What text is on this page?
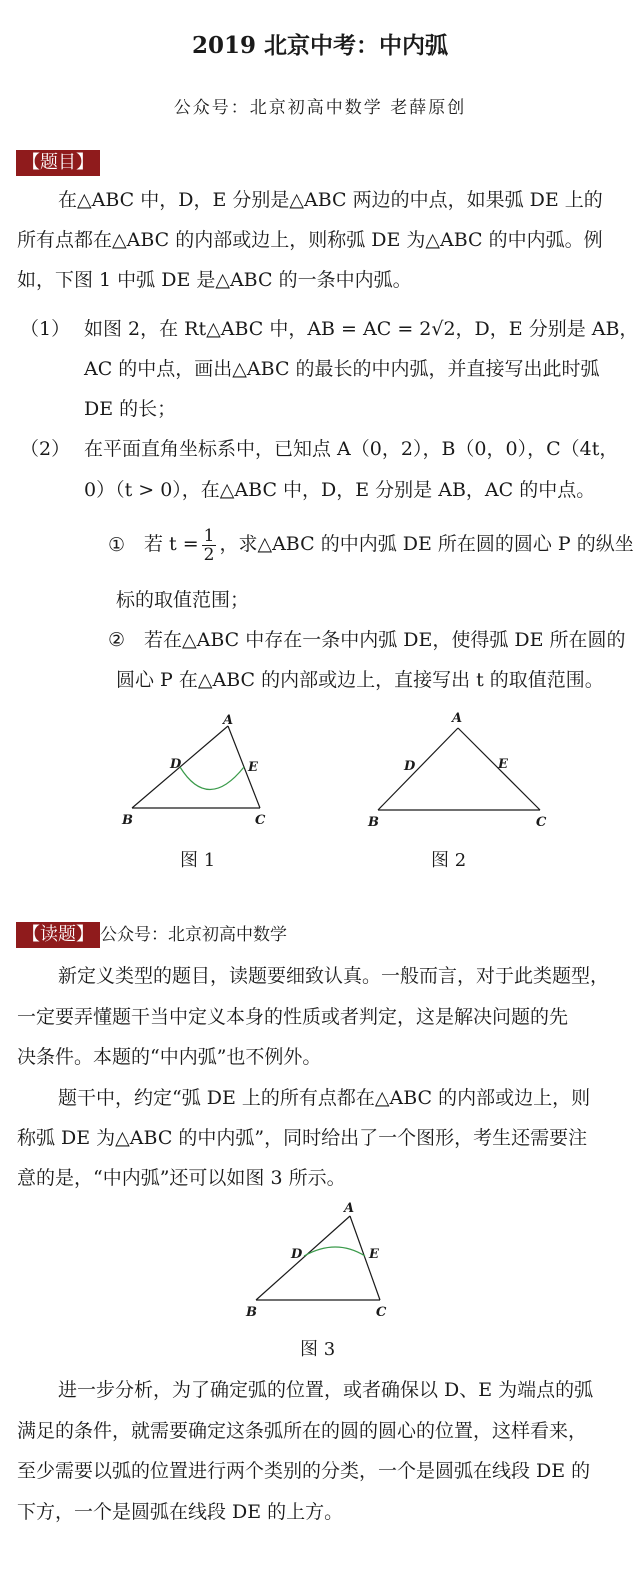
2019 北京中考：中内弧
公众号：北京初高中数学 老薛原创
【题目】
在△ABC 中，D，E 分别是△ABC 两边的中点，如果弧 DE 上的
所有点都在△ABC 的内部或边上，则称弧 DE 为△ABC 的中内弧。例
如，下图 1 中弧 DE 是△ABC 的一条中内弧。
（1） 如图 2，在 Rt△ABC 中，AB = AC = 2√2，D，E 分别是 AB，
AC 的中点，画出△ABC 的最长的中内弧，并直接写出此时弧
DE 的长；
（2） 在平面直角坐标系中，已知点 A（0，2），B（0，0），C（4t，
0）（t > 0），在△ABC 中，D，E 分别是 AB，AC 的中点。
① 若 $t = \frac{1}{2}$ ，求△ABC 的中内弧 DE 所在圆的圆心 P 的纵坐
标的取值范围；
② 若在△ABC 中存在一条中内弧 DE，使得弧 DE 所在圆的
圆心 P 在△ABC 的内部或边上，直接写出 t 的取值范围。
A
B	C
D	E
图 1
A
B	C
D	E
图 2
【读题】 公众号：北京初高中数学
新定义类型的题目，读题要细致认真。一般而言，对于此类题型，
一定要弄懂题干当中定义本身的性质或者判定，这是解决问题的先
决条件。本题的“中内弧”也不例外。
题干中，约定“弧 DE 上的所有点都在△ABC 的内部或边上，则
称弧 DE 为△ABC 的中内弧”，同时给出了一个图形，考生还需要注
意的是，“中内弧”还可以如图 3 所示。
A
B	C
D	E
图 3
进一步分析，为了确定弧的位置，或者确保以 D、E 为端点的弧
满足的条件，就需要确定这条弧所在的圆的圆心的位置，这样看来，
至少需要以弧的位置进行两个类别的分类，一个是圆弧在线段 DE 的
下方，一个是圆弧在线段 DE 的上方。
